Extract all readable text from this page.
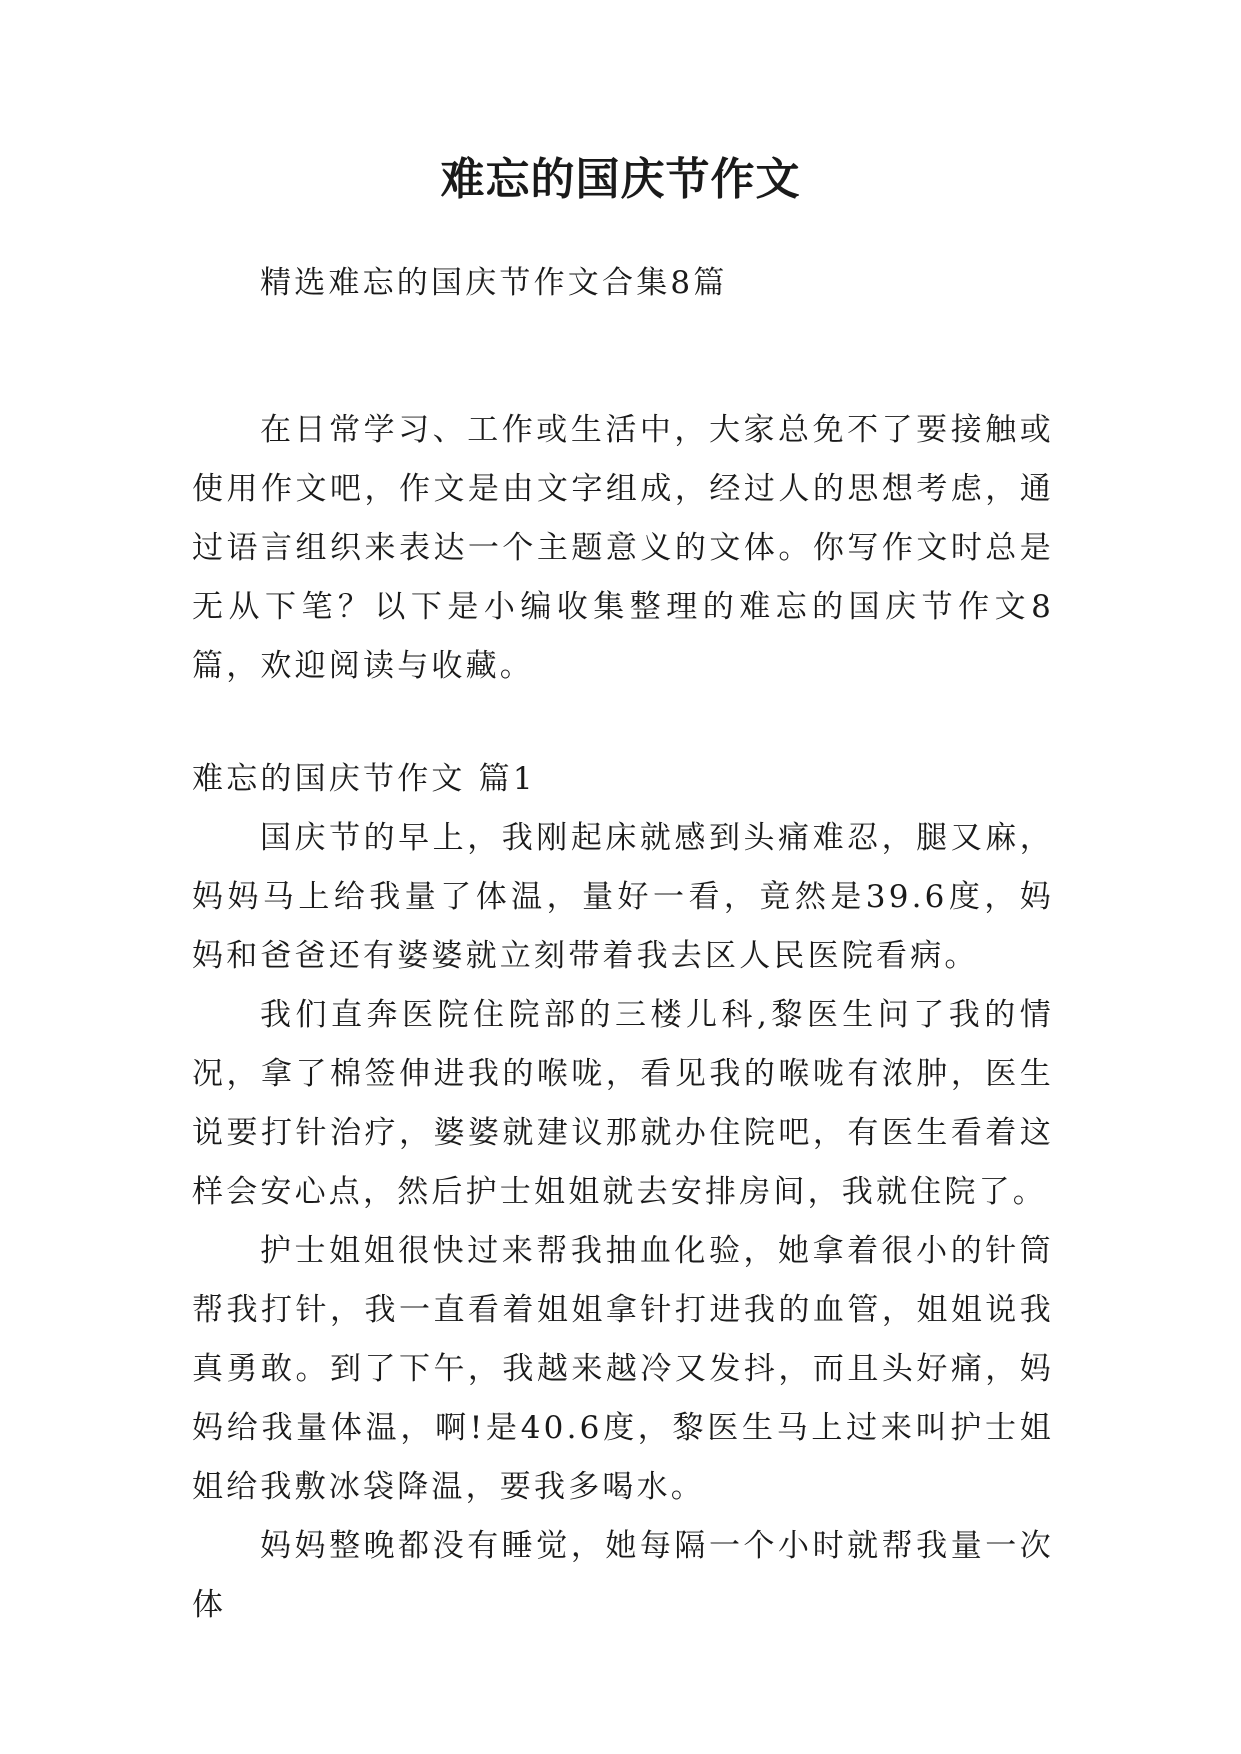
难忘的国庆节作文

精选难忘的国庆节作文合集8篇

在日常学习、工作或生活中，大家总免不了要接触或使用作文吧，作文是由文字组成，经过人的思想考虑，通过语言组织来表达一个主题意义的文体。你写作文时总是无从下笔？以下是小编收集整理的难忘的国庆节作文8篇，欢迎阅读与收藏。

难忘的国庆节作文 篇1

国庆节的早上，我刚起床就感到头痛难忍，腿又麻，妈妈马上给我量了体温，量好一看，竟然是39.6度，妈妈和爸爸还有婆婆就立刻带着我去区人民医院看病。

我们直奔医院住院部的三楼儿科,黎医生问了我的情况，拿了棉签伸进我的喉咙，看见我的喉咙有浓肿，医生说要打针治疗，婆婆就建议那就办住院吧，有医生看着这样会安心点，然后护士姐姐就去安排房间，我就住院了。

护士姐姐很快过来帮我抽血化验，她拿着很小的针筒帮我打针，我一直看着姐姐拿针打进我的血管，姐姐说我真勇敢。到了下午，我越来越冷又发抖，而且头好痛，妈妈给我量体温，啊!是40.6度，黎医生马上过来叫护士姐姐给我敷冰袋降温，要我多喝水。

妈妈整晚都没有睡觉，她每隔一个小时就帮我量一次体
